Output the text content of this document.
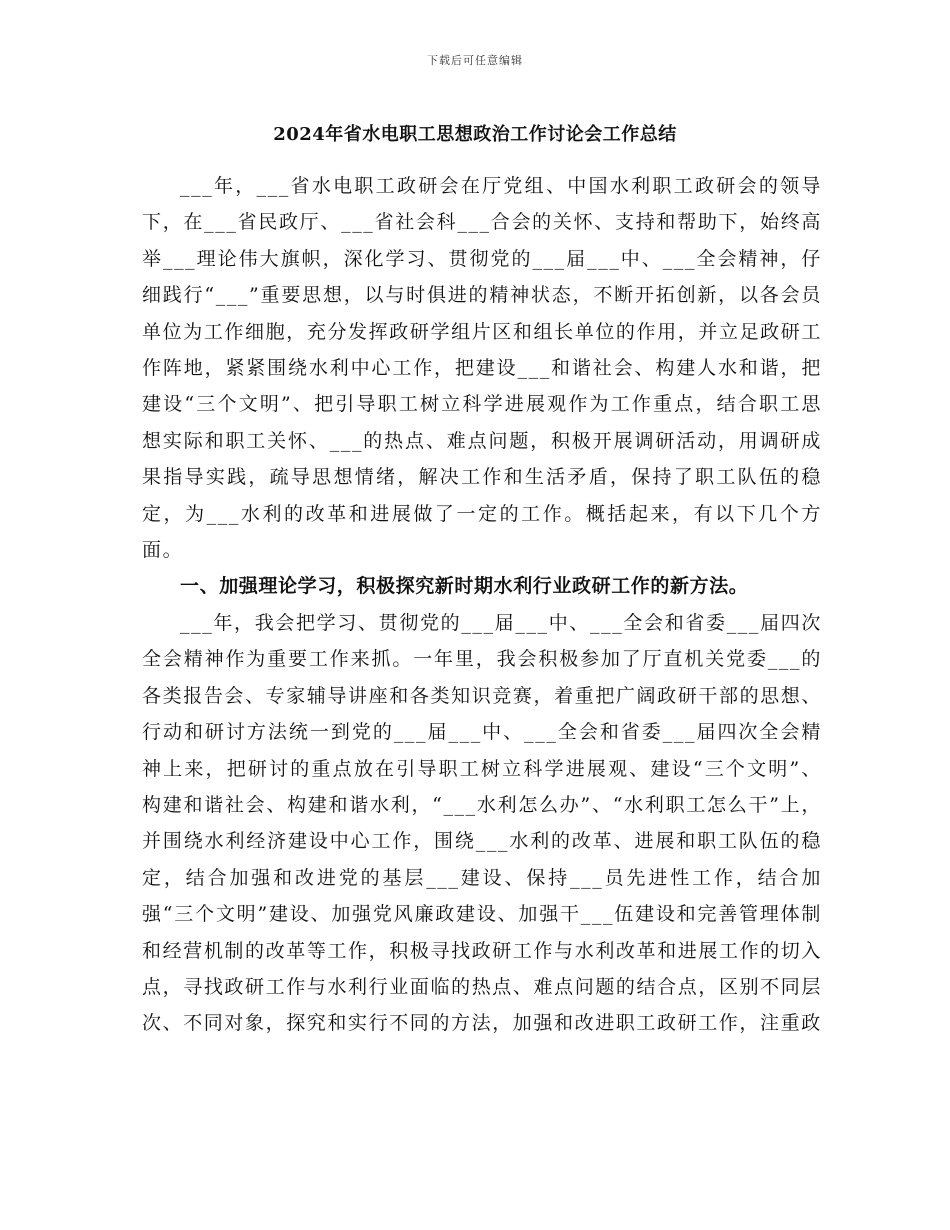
下载后可任意编辑
2024年省水电职工思想政治工作讨论会工作总结

___年，___省水电职工政研会在厅党组、中国水利职工政研会的领导下，在___省民政厅、___省社会科___合会的关怀、支持和帮助下，始终高举___理论伟大旗帜，深化学习、贯彻党的___届___中、___全会精神，仔细践行“___”重要思想，以与时俱进的精神状态，不断开拓创新，以各会员单位为工作细胞，充分发挥政研学组片区和组长单位的作用，并立足政研工作阵地，紧紧围绕水利中心工作，把建设___和谐社会、构建人水和谐，把建设“三个文明”、把引导职工树立科学进展观作为工作重点，结合职工思想实际和职工关怀、___的热点、难点问题，积极开展调研活动，用调研成果指导实践，疏导思想情绪，解决工作和生活矛盾，保持了职工队伍的稳定，为___水利的改革和进展做了一定的工作。概括起来，有以下几个方面。

一、加强理论学习，积极探究新时期水利行业政研工作的新方法。

___年，我会把学习、贯彻党的___届___中、___全会和省委___届四次全会精神作为重要工作来抓。一年里，我会积极参加了厅直机关党委___的各类报告会、专家辅导讲座和各类知识竞赛，着重把广阔政研干部的思想、行动和研讨方法统一到党的___届___中、___全会和省委___届四次全会精神上来，把研讨的重点放在引导职工树立科学进展观、建设“三个文明”、构建和谐社会、构建和谐水利，“___水利怎么办”、“水利职工怎么干”上，并围绕水利经济建设中心工作，围绕___水利的改革、进展和职工队伍的稳定，结合加强和改进党的基层___建设、保持___员先进性工作，结合加强“三个文明”建设、加强党风廉政建设、加强干___伍建设和完善管理体制和经营机制的改革等工作，积极寻找政研工作与水利改革和进展工作的切入点，寻找政研工作与水利行业面临的热点、难点问题的结合点，区别不同层次、不同对象，探究和实行不同的方法，加强和改进职工政研工作，注重政
